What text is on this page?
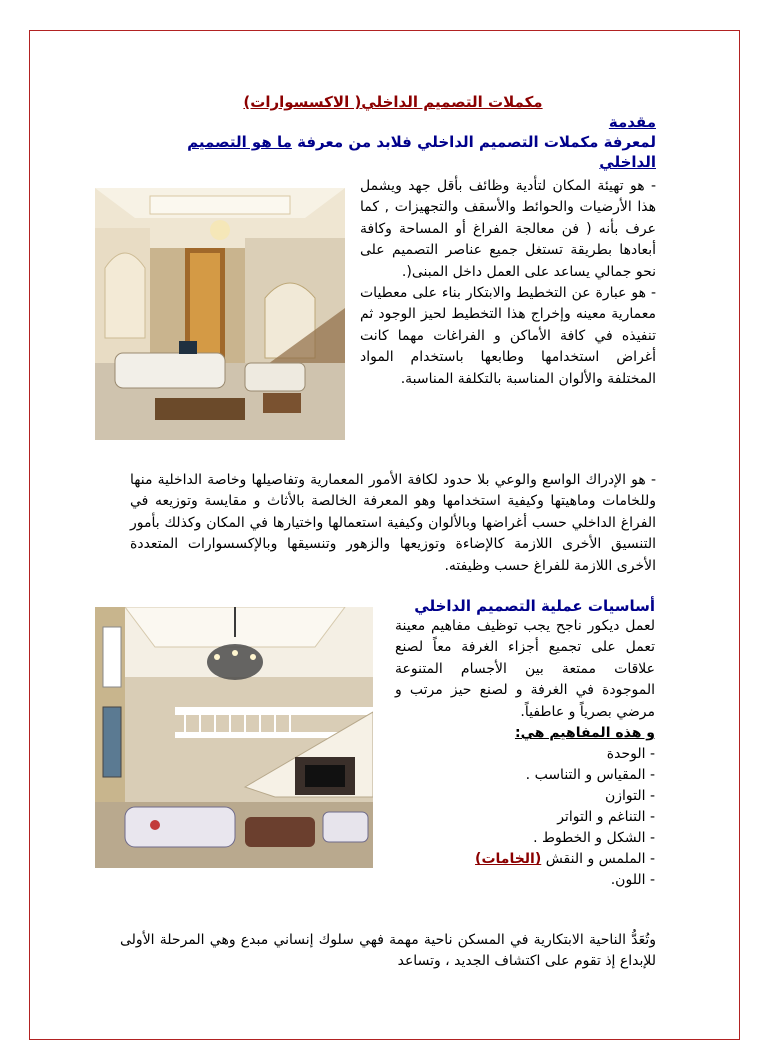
مكملات التصميم الداخلي( الاكسسوارات)

مقدمة

لمعرفة مكملات التصميم الداخلي فلابد من معرفة ما هو التصميم الداخلي

- هو تهيئة المكان لتأدية وظائف بأقل جهد ويشمل هذا الأرضيات والحوائط والأسقف والتجهيزات , كما عرف بأنه ( فن معالجة الفراغ أو المساحة وكافة أبعادها بطريقة تستغل جميع عناصر التصميم على نحو جمالي يساعد على العمل داخل المبنى(.

- هو عبارة عن التخطيط والابتكار بناء على معطيات معمارية معينه وإخراج هذا التخطيط لحيز الوجود ثم تنفيذه في كافة الأماكن و الفراغات مهما كانت أغراض استخدامها وطابعها باستخدام المواد المختلفة والألوان المناسبة بالتكلفة المناسبة.

- هو الإدراك الواسع والوعي بلا حدود لكافة الأمور المعمارية وتفاصيلها وخاصة الداخلية منها وللخامات وماهيتها وكيفية استخدامها وهو المعرفة الخالصة بالأثاث و مقايسة وتوزيعه في الفراغ الداخلي حسب أغراضها وبالألوان وكيفية استعمالها واختيارها في المكان وكذلك بأمور التنسيق الأخرى اللازمة كالإضاءة وتوزيعها والزهور وتنسيقها وبالإكسسوارات المتعددة الأخرى اللازمة للفراغ حسب وظيفته.

أساسيات عملية التصميم الداخلي

لعمل ديكور ناجح يجب توظيف مفاهيم معينة تعمل على تجميع أجزاء الغرفة معاً لصنع علاقات ممتعة بين الأجسام المتنوعة الموجودة في الغرفة و لصنع حيز مرتب و مرضي بصرياً و عاطفياً.

و هذه المفاهيم هي:

- الوحدة

- المقياس و التناسب .

- التوازن

- التناغم و التواتر

- الشكل و الخطوط .

- الملمس و النقش (الخامات)

- اللون.

وتُعَدُّ الناحية الابتكارية في المسكن ناحية مهمة فهي سلوك إنساني مبدع وهي المرحلة الأولى للإبداع إذ تقوم على اكتشاف الجديد ، وتساعد
